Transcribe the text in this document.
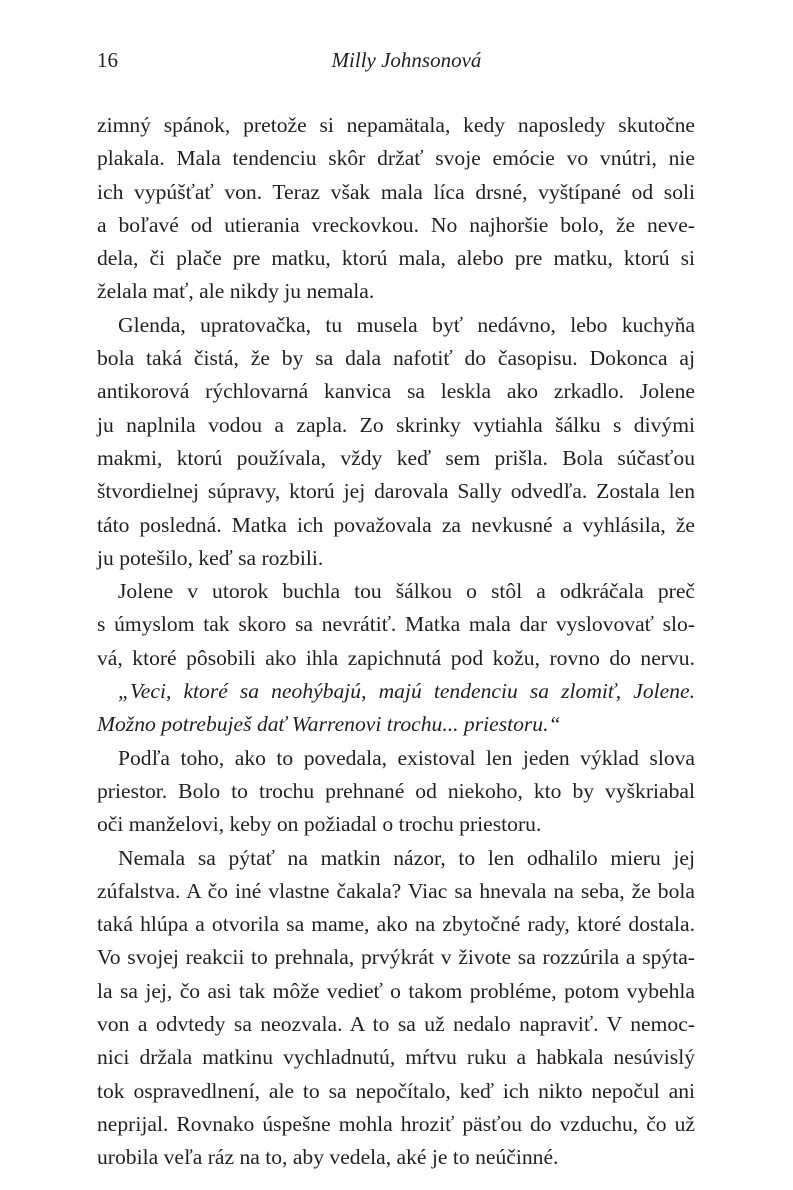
16	Milly Johnsonová
zimný spánok, pretože si nepamätala, kedy naposledy skutočne
plakala. Mala tendenciu skôr držať svoje emócie vo vnútri, nie
ich vypúšťať von. Teraz však mala líca drsné, vyštípané od soli
a boľavé od utierania vreckovkou. No najhoršie bolo, že neve-
dela, či plače pre matku, ktorú mala, alebo pre matku, ktorú si
želala mať, ale nikdy ju nemala.
Glenda, upratovačka, tu musela byť nedávno, lebo kuchyňa
bola taká čistá, že by sa dala nafotiť do časopisu. Dokonca aj
antikorová rýchlovarná kanvica sa leskla ako zrkadlo. Jolene
ju naplnila vodou a zapla. Zo skrinky vytiahla šálku s divými
makmi, ktorú používala, vždy keď sem prišla. Bola súčasťou
štvordielnej súpravy, ktorú jej darovala Sally odvedľa. Zostala len
táto posledná. Matka ich považovala za nevkusné a vyhlásila, že
ju potešilo, keď sa rozbili.
Jolene v utorok buchla tou šálkou o stôl a odkráčala preč
s úmyslom tak skoro sa nevrátiť. Matka mala dar vyslovovať slo-
vá, ktoré pôsobili ako ihla zapichnutá pod kožu, rovno do nervu.
„Veci, ktoré sa neohýbajú, majú tendenciu sa zlomiť, Jolene.
Možno potrebuješ dať Warrenovi trochu... priestoru.“
Podľa toho, ako to povedala, existoval len jeden výklad slova
priestor. Bolo to trochu prehnané od niekoho, kto by vyškriabal
oči manželovi, keby on požiadal o trochu priestoru.
Nemala sa pýtať na matkin názor, to len odhalilo mieru jej
zúfalstva. A čo iné vlastne čakala? Viac sa hnevala na seba, že bola
taká hlúpa a otvorila sa mame, ako na zbytočné rady, ktoré dostala.
Vo svojej reakcii to prehnala, prvýkrát v živote sa rozzúrila a spýta-
la sa jej, čo asi tak môže vedieť o takom probléme, potom vybehla
von a odvtedy sa neozvala. A to sa už nedalo napraviť. V nemoc-
nici držala matkinu vychladnutú, mŕtvu ruku a habkala nesúvislý
tok ospravedlnení, ale to sa nepočítalo, keď ich nikto nepočul ani
neprijal. Rovnako úspešne mohla hroziť päsťou do vzduchu, čo už
urobila veľa ráz na to, aby vedela, aké je to neúčinné.
